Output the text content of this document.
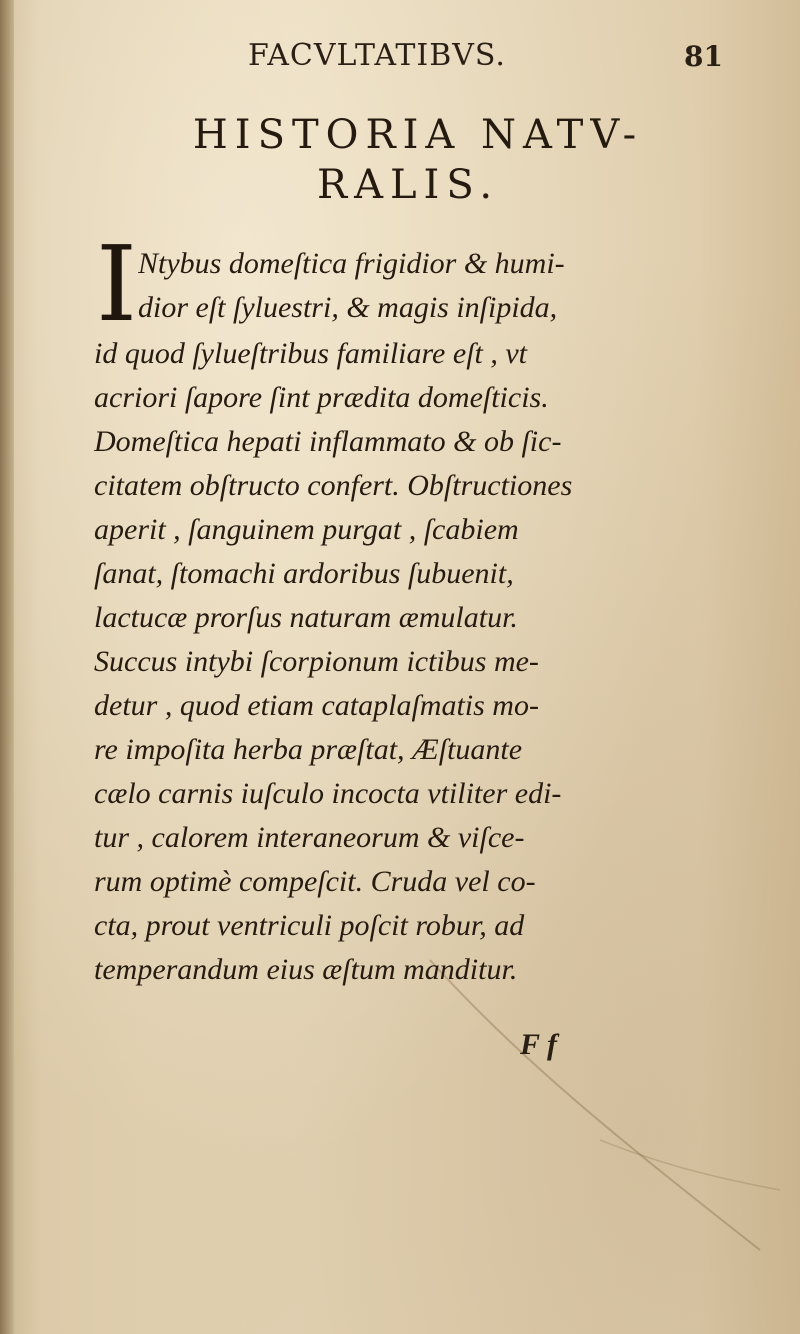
FACVLTATIBVS.	81
HISTORIA NATV-
RALIS.
I Ntybus domeſtica frigidior & humi-
dior eſt ſyluestri, & magis inſipida,
id quod ſylueſtribus familiare eſt , vt
acriori ſapore ſint prædita domeſticis.
Domeſtica hepati inflammato & ob ſic-
citatem obſtructo confert. Obſtructiones
aperit , ſanguinem purgat , ſcabiem
ſanat, ſtomachi ardoribus ſubuenit,
lactucæ prorſus naturam æmulatur.
Succus intybi ſcorpionum ictibus me-
detur , quod etiam cataplaſmatis mo-
re impoſita herba præſtat, Æſtuante
cælo carnis iuſculo incocta vtiliter edi-
tur , calorem interaneorum & viſce-
rum optimè compeſcit. Cruda vel co-
cta, prout ventriculi poſcit robur, ad
temperandum eius æſtum manditur.
F f
